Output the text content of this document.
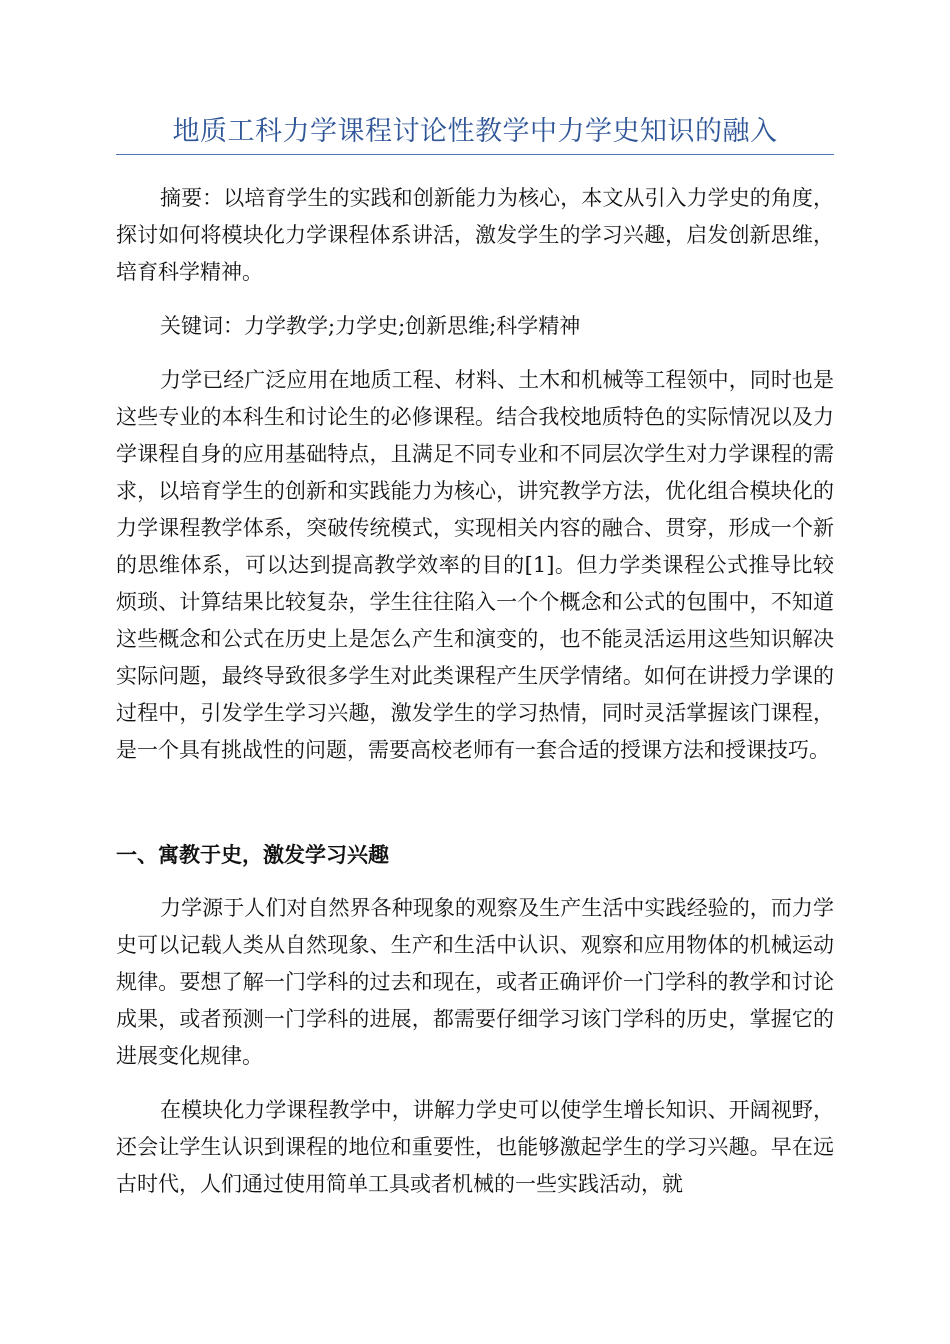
地质工科力学课程讨论性教学中力学史知识的融入

摘要：以培育学生的实践和创新能力为核心，本文从引入力学史的角度，探讨如何将模块化力学课程体系讲活，激发学生的学习兴趣，启发创新思维，培育科学精神。

关键词：力学教学;力学史;创新思维;科学精神

力学已经广泛应用在地质工程、材料、土木和机械等工程领中，同时也是这些专业的本科生和讨论生的必修课程。结合我校地质特色的实际情况以及力学课程自身的应用基础特点，且满足不同专业和不同层次学生对力学课程的需求，以培育学生的创新和实践能力为核心，讲究教学方法，优化组合模块化的力学课程教学体系，突破传统模式，实现相关内容的融合、贯穿，形成一个新的思维体系，可以达到提高教学效率的目的[1]。但力学类课程公式推导比较烦琐、计算结果比较复杂，学生往往陷入一个个概念和公式的包围中，不知道这些概念和公式在历史上是怎么产生和演变的，也不能灵活运用这些知识解决实际问题，最终导致很多学生对此类课程产生厌学情绪。如何在讲授力学课的过程中，引发学生学习兴趣，激发学生的学习热情，同时灵活掌握该门课程，是一个具有挑战性的问题，需要高校老师有一套合适的授课方法和授课技巧。

一、寓教于史，激发学习兴趣

力学源于人们对自然界各种现象的观察及生产生活中实践经验的，而力学史可以记载人类从自然现象、生产和生活中认识、观察和应用物体的机械运动规律。要想了解一门学科的过去和现在，或者正确评价一门学科的教学和讨论成果，或者预测一门学科的进展，都需要仔细学习该门学科的历史，掌握它的进展变化规律。

在模块化力学课程教学中，讲解力学史可以使学生增长知识、开阔视野，还会让学生认识到课程的地位和重要性，也能够激起学生的学习兴趣。早在远古时代，人们通过使用简单工具或者机械的一些实践活动，就
